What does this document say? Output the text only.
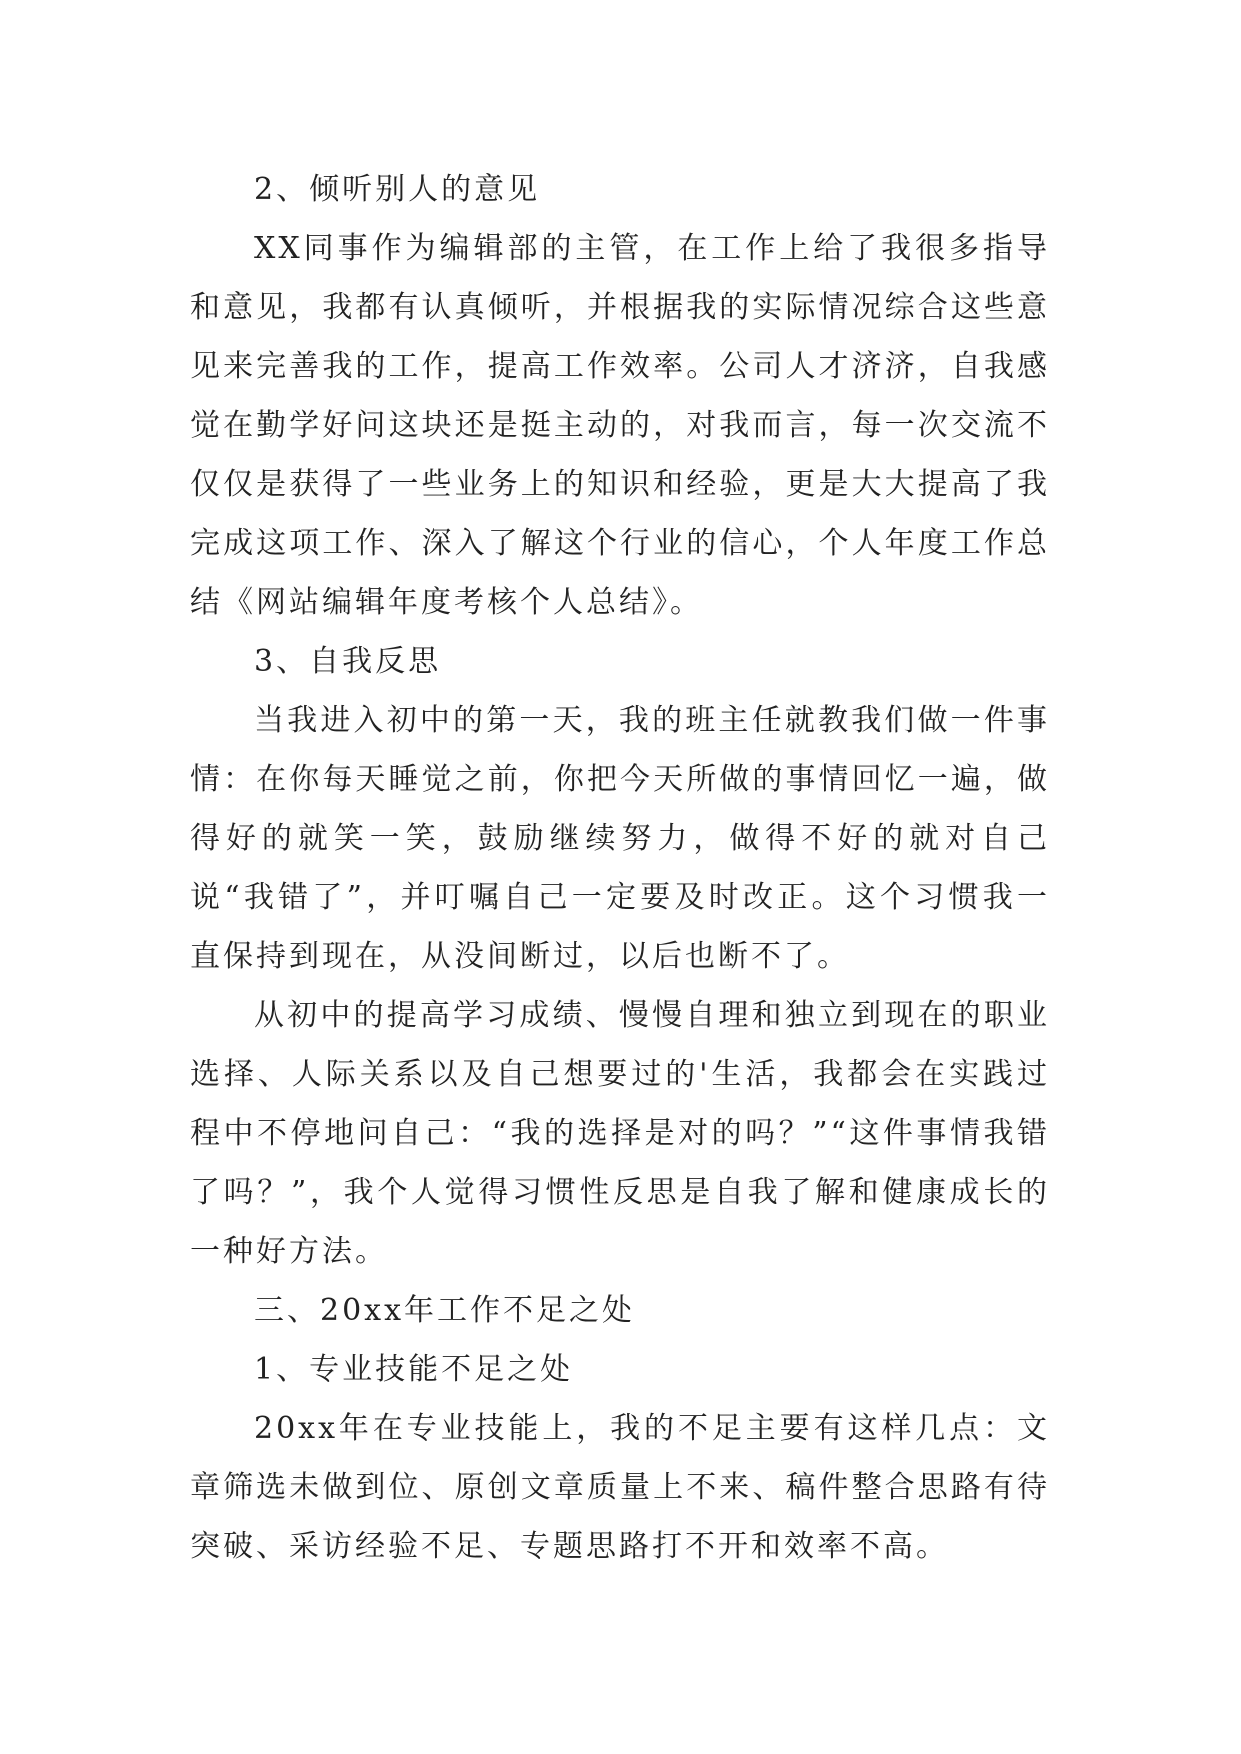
2、倾听别人的意见

XX同事作为编辑部的主管，在工作上给了我很多指导和意见，我都有认真倾听，并根据我的实际情况综合这些意见来完善我的工作，提高工作效率。公司人才济济，自我感觉在勤学好问这块还是挺主动的，对我而言，每一次交流不仅仅是获得了一些业务上的知识和经验，更是大大提高了我完成这项工作、深入了解这个行业的信心，个人年度工作总结《网站编辑年度考核个人总结》。

3、自我反思

当我进入初中的第一天，我的班主任就教我们做一件事情：在你每天睡觉之前，你把今天所做的事情回忆一遍，做得好的就笑一笑，鼓励继续努力，做得不好的就对自己说“我错了”，并叮嘱自己一定要及时改正。这个习惯我一直保持到现在，从没间断过，以后也断不了。

从初中的提高学习成绩、慢慢自理和独立到现在的职业选择、人际关系以及自己想要过的'生活，我都会在实践过程中不停地问自己：“我的选择是对的吗？”“这件事情我错了吗？”，我个人觉得习惯性反思是自我了解和健康成长的一种好方法。

三、20xx年工作不足之处

1、专业技能不足之处

20xx年在专业技能上，我的不足主要有这样几点：文章筛选未做到位、原创文章质量上不来、稿件整合思路有待突破、采访经验不足、专题思路打不开和效率不高。
